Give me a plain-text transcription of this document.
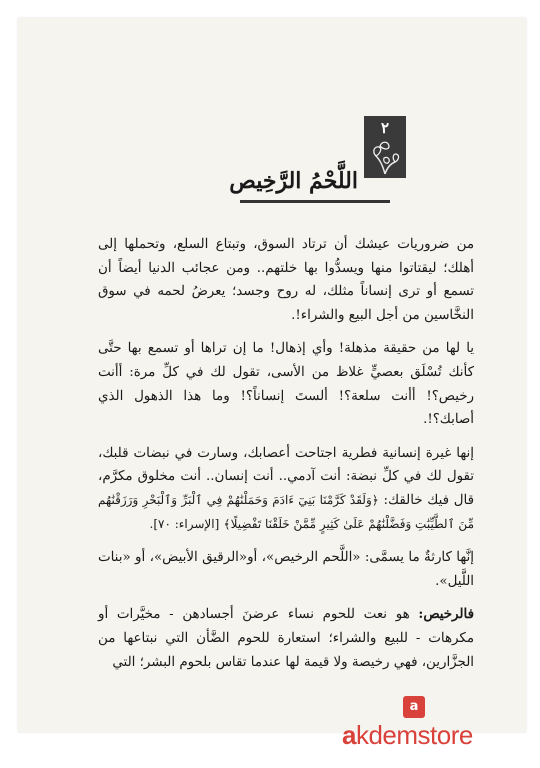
٢
اللَّحْمُ الرَّخِيص

من ضروريات عيشك أن ترتاد السوق، وتبتاع السلع، وتحملها إلى أهلك؛ ليقتاتوا منها ويسدُّوا بها خلتهم.. ومن عجائب الدنيا أيضاً أن تسمع أو ترى إنساناً مثلك، له روح وجسد؛ يعرضُ لحمه في سوق النخَّاسين من أجل البيع والشراء!.

يا لها من حقيقة مذهلة! وأي إذهال! ما إن تراها أو تسمع بها حتَّى كأنك تُسْلَق بعصيٍّ غلاظ من الأسى، تقول لك في كلِّ مرة: أأنت رخيص؟! أأنت سلعة؟! ألستَ إنساناً؟! وما هذا الذهول الذي أصابك؟!.

إنها غيرة إنسانية فطرية اجتاحت أعصابك، وسارت في نبضات قلبك، تقول لك في كلِّ نبضة: أنت آدمي.. أنت إنسان.. أنت مخلوق مكرَّم، قال فيك خالقك: ﴿وَلَقَدْ كَرَّمْنَا بَنِيٓ ءَادَمَ وَحَمَلْنَٰهُمْ فِي ٱلْبَرِّ وَٱلْبَحْرِ وَرَزَقْنَٰهُم مِّنَ ٱلطَّيِّبَٰتِ وَفَضَّلْنَٰهُمْ عَلَىٰ كَثِيرٍ مِّمَّنْ خَلَقْنَا تَفْضِيلًا﴾ [الإسراء: ٧٠].

إنَّها كارثةٌ ما يسمَّى: «اللَّحم الرخيص»، أو«الرقيق الأبيض»، أو «بنات اللَّيل».

فالرخيص: هو نعت للحوم نساء عرضنَ أجسادهن - مخيَّرات أو مكرهات - للبيع والشراء؛ استعارة للحوم الضَّأن التي نبتاعها من الجزَّارين، فهي رخيصة ولا قيمة لها عندما تقاس بلحوم البشر؛ التي

a
akdemstore
